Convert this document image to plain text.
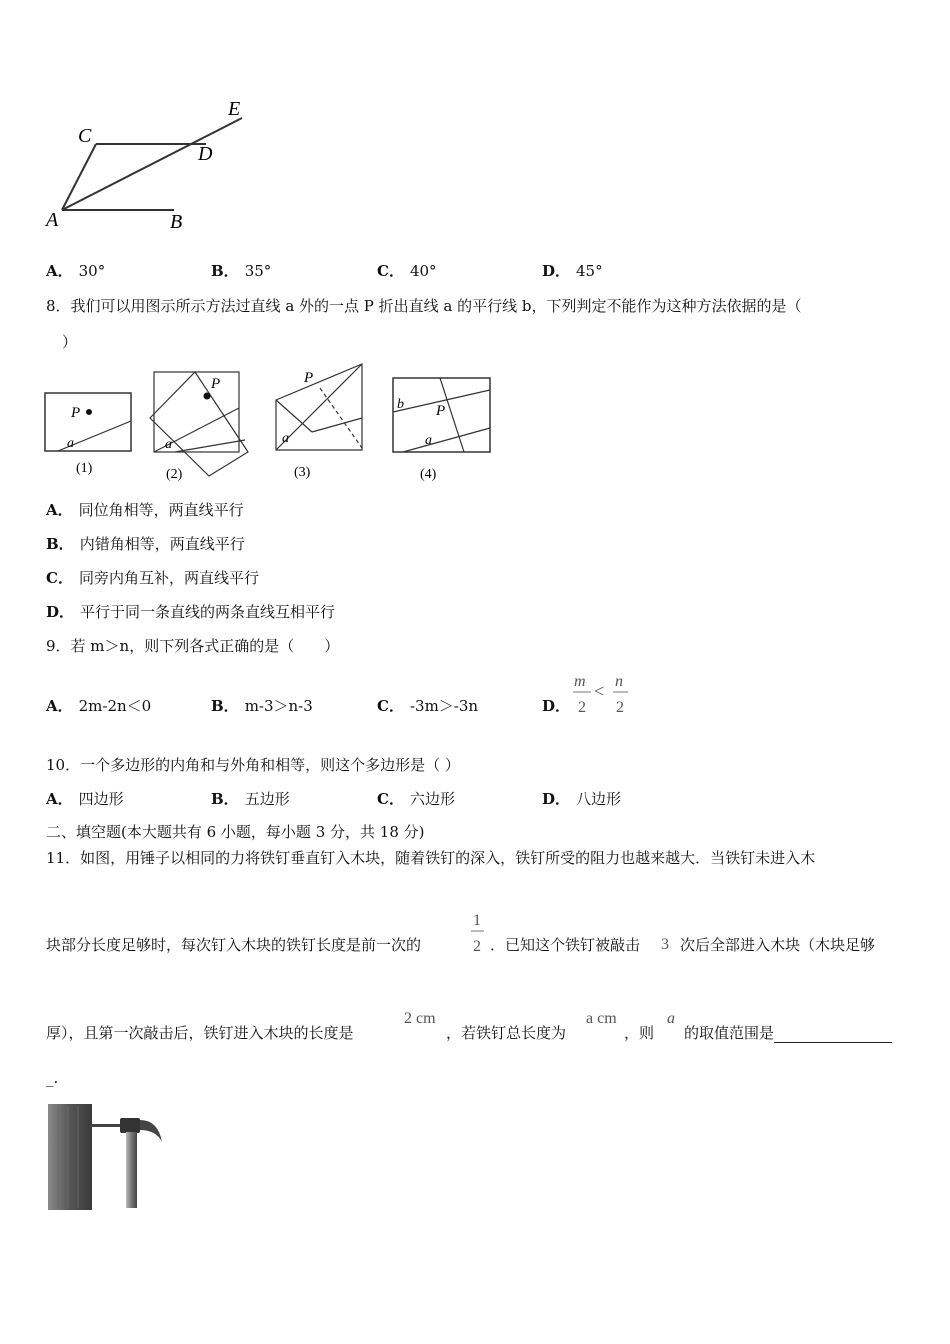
C
D
E
A	B
A． 30°	B． 35°	C． 40°	D． 45°
8．我们可以用图示所示方法过直线 a 外的一点 P 折出直线 a 的平行线 b，下列判定不能作为这种方法依据的是（
）
P
a
(1)
P
a
(2)
P
a
(3)
b P
a
(4)
A． 同位角相等，两直线平行
B． 内错角相等，两直线平行
C． 同旁内角互补，两直线平行
D． 平行于同一条直线的两条直线互相平行
9．若 m＞n，则下列各式正确的是（　　）
A． 2m-2n＜0	B． m-3＞n-3	C． -3m＞-3n	D．
m
2
< n
2
10．一个多边形的内角和与外角和相等，则这个多边形是（ ）
A． 四边形	B． 五边形	C． 六边形	D． 八边形
二、填空题(本大题共有 6 小题，每小题 3 分，共 18 分)
11．如图，用锤子以相同的力将铁钉垂直钉入木块，随着铁钉的深入，铁钉所受的阻力也越来越大．当铁钉未进入木
块部分长度足够时，每次钉入木块的铁钉长度是前一次的
1
2 ．已知这个铁钉被敲击 3 次后全部进入木块（木块足够
厚），且第一次敲击后，铁钉进入木块的长度是
2 cm
，若铁钉总长度为
a cm
，则
a
的取值范围是
_.
